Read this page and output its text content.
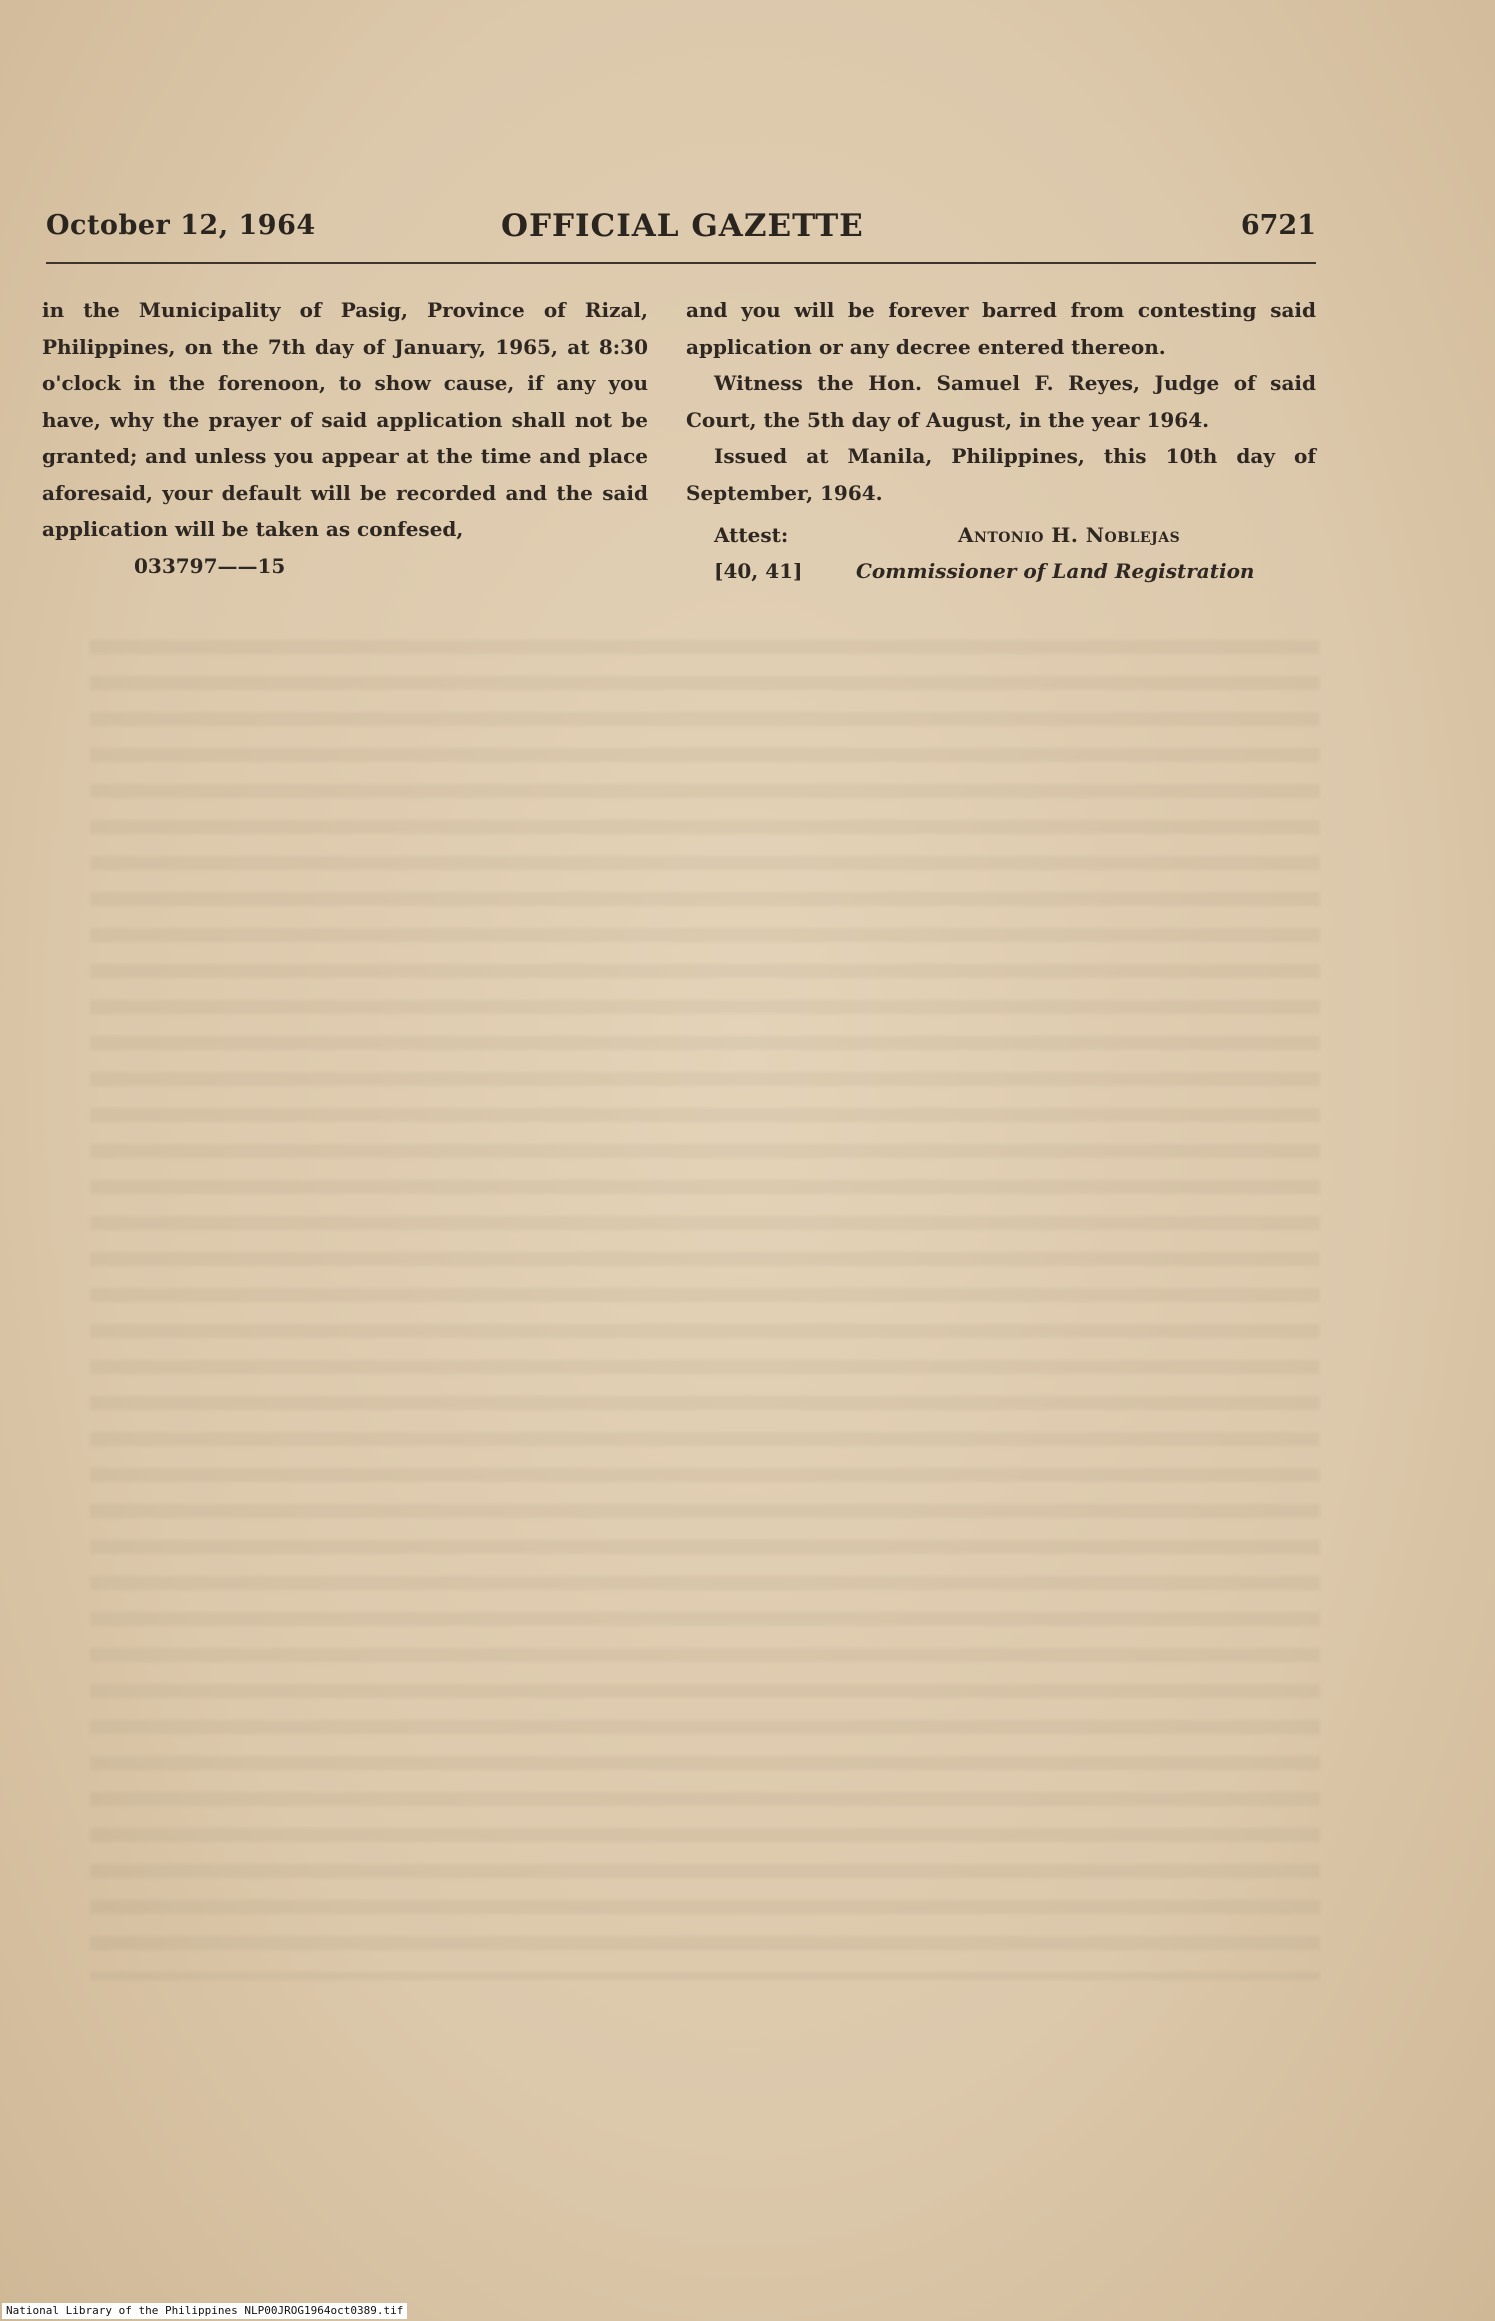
October 12, 1964	OFFICIAL GAZETTE	6721

in the Municipality of Pasig, Province of Rizal, Philippines, on the 7th day of January, 1965, at 8:30 o'clock in the forenoon, to show cause, if any you have, why the prayer of said application shall not be granted; and unless you appear at the time and place aforesaid, your default will be recorded and the said application will be taken as confesed,

033797——15

and you will be forever barred from contesting said application or any decree entered thereon.

Witness the Hon. Samuel F. Reyes, Judge of said Court, the 5th day of August, in the year 1964.

Issued at Manila, Philippines, this 10th day of September, 1964.

Attest:	Antonio H. Noblejas
[40, 41]	Commissioner of Land Registration
National Library of the Philippines NLP00JROG1964oct0389.tif
